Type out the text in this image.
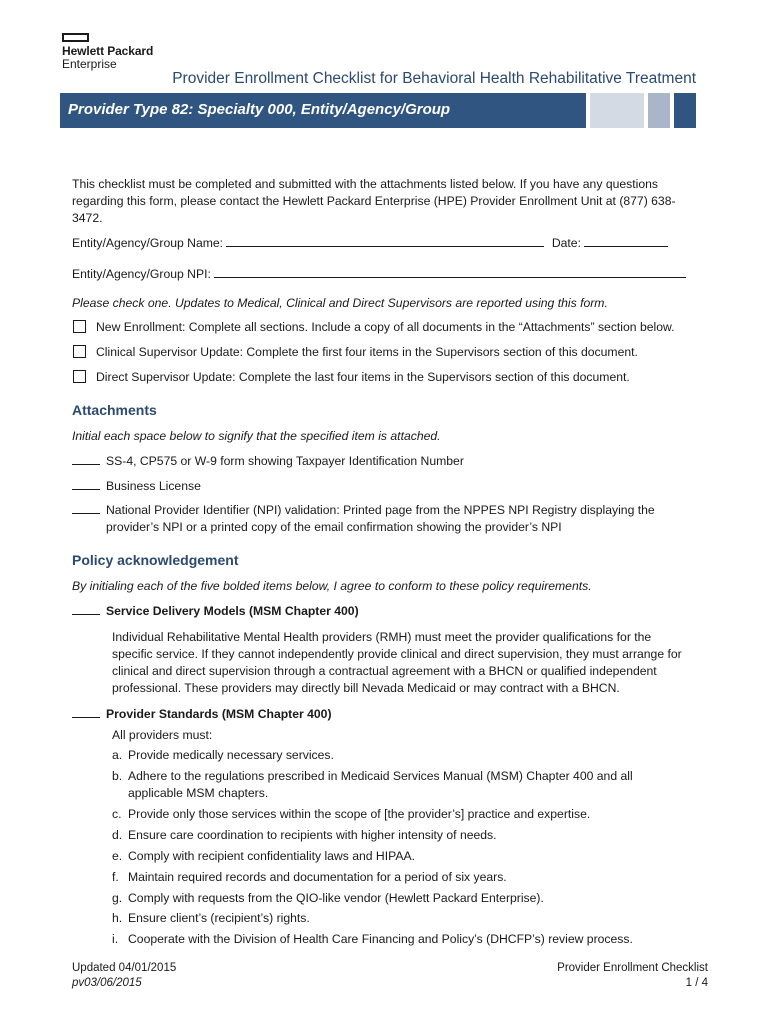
Hewlett Packard
Enterprise
Provider Enrollment Checklist for Behavioral Health Rehabilitative Treatment
Provider Type 82: Specialty 000, Entity/Agency/Group
This checklist must be completed and submitted with the attachments listed below. If you have any questions
regarding this form, please contact the Hewlett Packard Enterprise (HPE) Provider Enrollment Unit at (877) 638-
3472.
Entity/Agency/Group Name:	Date:
Entity/Agency/Group NPI:
Please check one. Updates to Medical, Clinical and Direct Supervisors are reported using this form.
New Enrollment: Complete all sections. Include a copy of all documents in the “Attachments” section below.
Clinical Supervisor Update: Complete the first four items in the Supervisors section of this document.
Direct Supervisor Update: Complete the last four items in the Supervisors section of this document.
Attachments
Initial each space below to signify that the specified item is attached.
SS-4, CP575 or W-9 form showing Taxpayer Identification Number
Business License
National Provider Identifier (NPI) validation: Printed page from the NPPES NPI Registry displaying the
provider’s NPI or a printed copy of the email confirmation showing the provider’s NPI
Policy acknowledgement
By initialing each of the five bolded items below, I agree to conform to these policy requirements.
Service Delivery Models (MSM Chapter 400)
Individual Rehabilitative Mental Health providers (RMH) must meet the provider qualifications for the
specific service. If they cannot independently provide clinical and direct supervision, they must arrange for
clinical and direct supervision through a contractual agreement with a BHCN or qualified independent
professional. These providers may directly bill Nevada Medicaid or may contract with a BHCN.
Provider Standards (MSM Chapter 400)
All providers must:
a. Provide medically necessary services.
b. Adhere to the regulations prescribed in Medicaid Services Manual (MSM) Chapter 400 and all
applicable MSM chapters.
c. Provide only those services within the scope of [the provider’s] practice and expertise.
d. Ensure care coordination to recipients with higher intensity of needs.
e. Comply with recipient confidentiality laws and HIPAA.
f. Maintain required records and documentation for a period of six years.
g. Comply with requests from the QIO-like vendor (Hewlett Packard Enterprise).
h. Ensure client’s (recipient’s) rights.
i. Cooperate with the Division of Health Care Financing and Policy’s (DHCFP’s) review process.
Updated 04/01/2015
pv03/06/2015
Provider Enrollment Checklist
1 / 4
